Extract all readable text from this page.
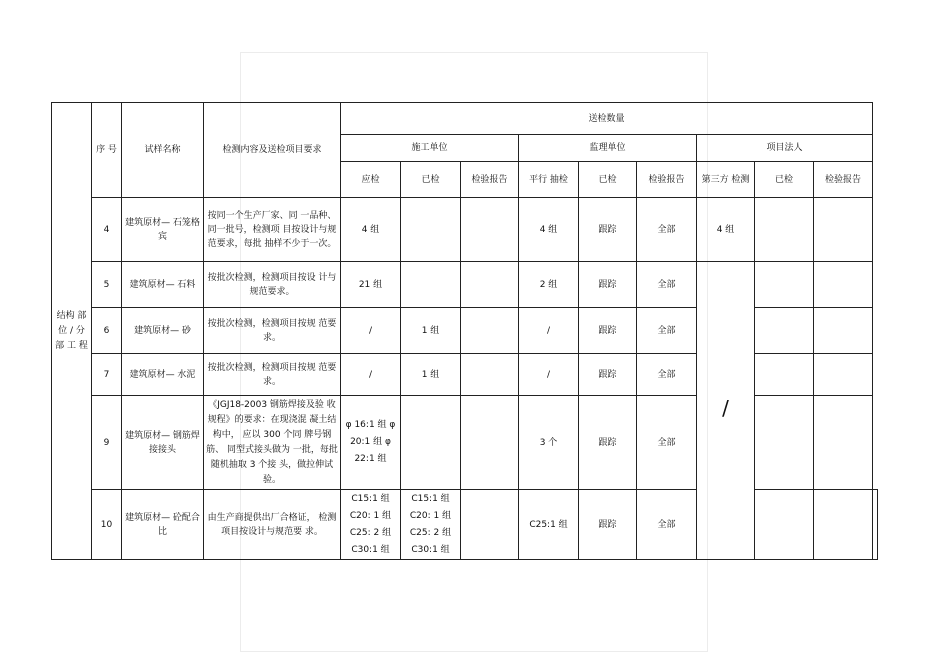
结构 部位 / 分 部 工 程	序 号	试样名称	检测内容及送检项目要求	送检数量									
				施工单位			监理单位			项目法人			
				应检	已检	检验报告	平行 抽检	已检	检验报告	第三方 检测	已检	检验报告	
	4	建筑原材— 石笼格宾	按同一个生产厂家、同 一品种、同一批号，检测项 目按设计与规范要求，每批 抽样不少于一次。	4 组			4 组	跟踪	全部	4 组			
	5	建筑原材— 石料	按批次检测，检测项目按设 计与规范要求。	21 组			2 组	跟踪	全部	/			
	6	建筑原材— 砂	按批次检测，检测项目按规 范要求。	/	1 组		/	跟踪	全部				
	7	建筑原材— 水泥	按批次检测，检测项目按规 范要求。	/	1 组		/	跟踪	全部				
	9	建筑原材— 钢筋焊接接头	《JGJ18-2003 钢筋焊接及验 收规程》的要求：在现浇混 凝土结构中， 应以 300 个同 牌号钢筋、 同型式接头做为 一批，每批随机抽取 3 个接 头，做拉伸试验。	φ 16:1 组 φ 20:1 组 φ 22:1 组			3 个	跟踪	全部				
	10	建筑原材— 砼配合比	由生产商提供出厂合格证， 检测项目按设计与规范要 求。	C15:1 组 C20: 1 组 C25: 2 组 C30:1 组	C15:1 组 C20: 1 组 C25: 2 组 C30:1 组		C25:1 组	跟踪	全部				
